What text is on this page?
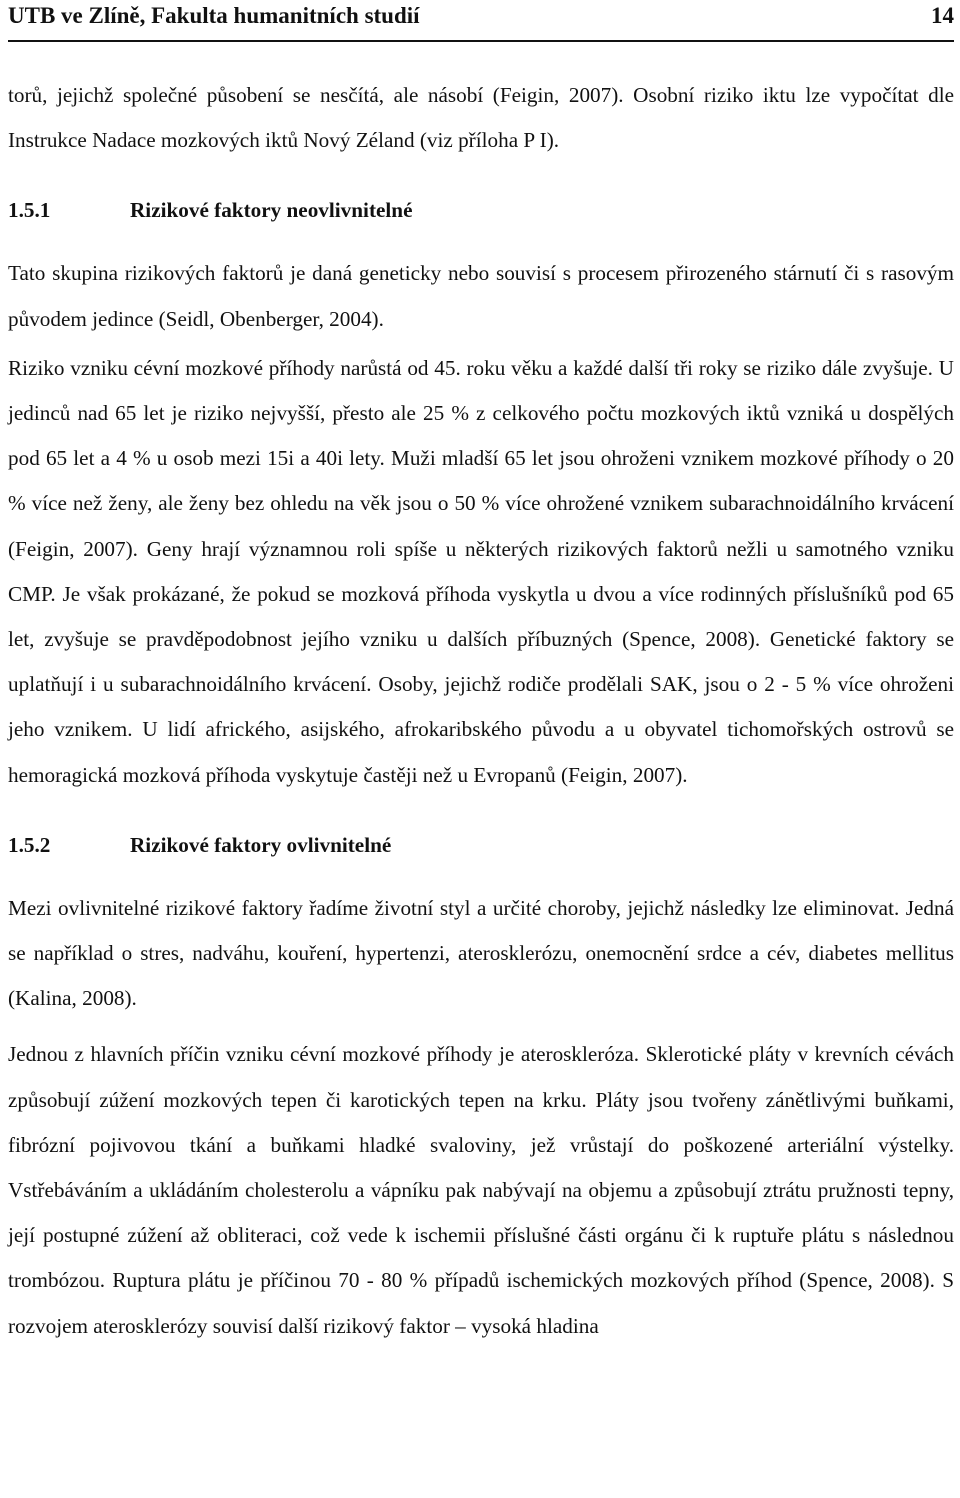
UTB ve Zlíně, Fakulta humanitních studií	14

torů, jejichž společné působení se nesčítá, ale násobí (Feigin, 2007). Osobní riziko iktu lze vypočítat dle Instrukce Nadace mozkových iktů Nový Zéland (viz příloha P I).

1.5.1	Rizikové faktory neovlivnitelné

Tato skupina rizikových faktorů je daná geneticky nebo souvisí s procesem přirozeného stárnutí či s rasovým původem jedince (Seidl, Obenberger, 2004).

Riziko vzniku cévní mozkové příhody narůstá od 45. roku věku a každé další tři roky se riziko dále zvyšuje. U jedinců nad 65 let je riziko nejvyšší, přesto ale 25 % z celkového počtu mozkových iktů vzniká u dospělých pod 65 let a 4 % u osob mezi 15i a 40i lety. Muži mladší 65 let jsou ohroženi vznikem mozkové příhody o 20 % více než ženy, ale ženy bez ohledu na věk jsou o 50 % více ohrožené vznikem subarachnoidálního krvácení (Feigin, 2007). Geny hrají významnou roli spíše u některých rizikových faktorů nežli u samotného vzniku CMP. Je však prokázané, že pokud se mozková příhoda vyskytla u dvou a více rodinných příslušníků pod 65 let, zvyšuje se pravděpodobnost jejího vzniku u dalších příbuzných (Spence, 2008). Genetické faktory se uplatňují i u subarachnoidálního krvácení. Osoby, jejichž rodiče prodělali SAK, jsou o 2 - 5 % více ohroženi jeho vznikem. U lidí afrického, asijského, afrokaribského původu a u obyvatel tichomořských ostrovů se hemoragická mozková příhoda vyskytuje častěji než u Evropanů (Feigin, 2007).

1.5.2	Rizikové faktory ovlivnitelné

Mezi ovlivnitelné rizikové faktory řadíme životní styl a určité choroby, jejichž následky lze eliminovat. Jedná se například o stres, nadváhu, kouření, hypertenzi, aterosklerózu, onemocnění srdce a cév, diabetes mellitus (Kalina, 2008).

Jednou z hlavních příčin vzniku cévní mozkové příhody je ateroskleróza. Sklerotické pláty v krevních cévách způsobují zúžení mozkových tepen či karotických tepen na krku. Pláty jsou tvořeny zánětlivými buňkami, fibrózní pojivovou tkání a buňkami hladké svaloviny, jež vrůstají do poškozené arteriální výstelky. Vstřebáváním a ukládáním cholesterolu a vápníku pak nabývají na objemu a způsobují ztrátu pružnosti tepny, její postupné zúžení až obliteraci, což vede k ischemii příslušné části orgánu či k ruptuře plátu s následnou trombózou. Ruptura plátu je příčinou 70 - 80 % případů ischemických mozkových příhod (Spence, 2008). S rozvojem aterosklerózy souvisí další rizikový faktor – vysoká hladina
